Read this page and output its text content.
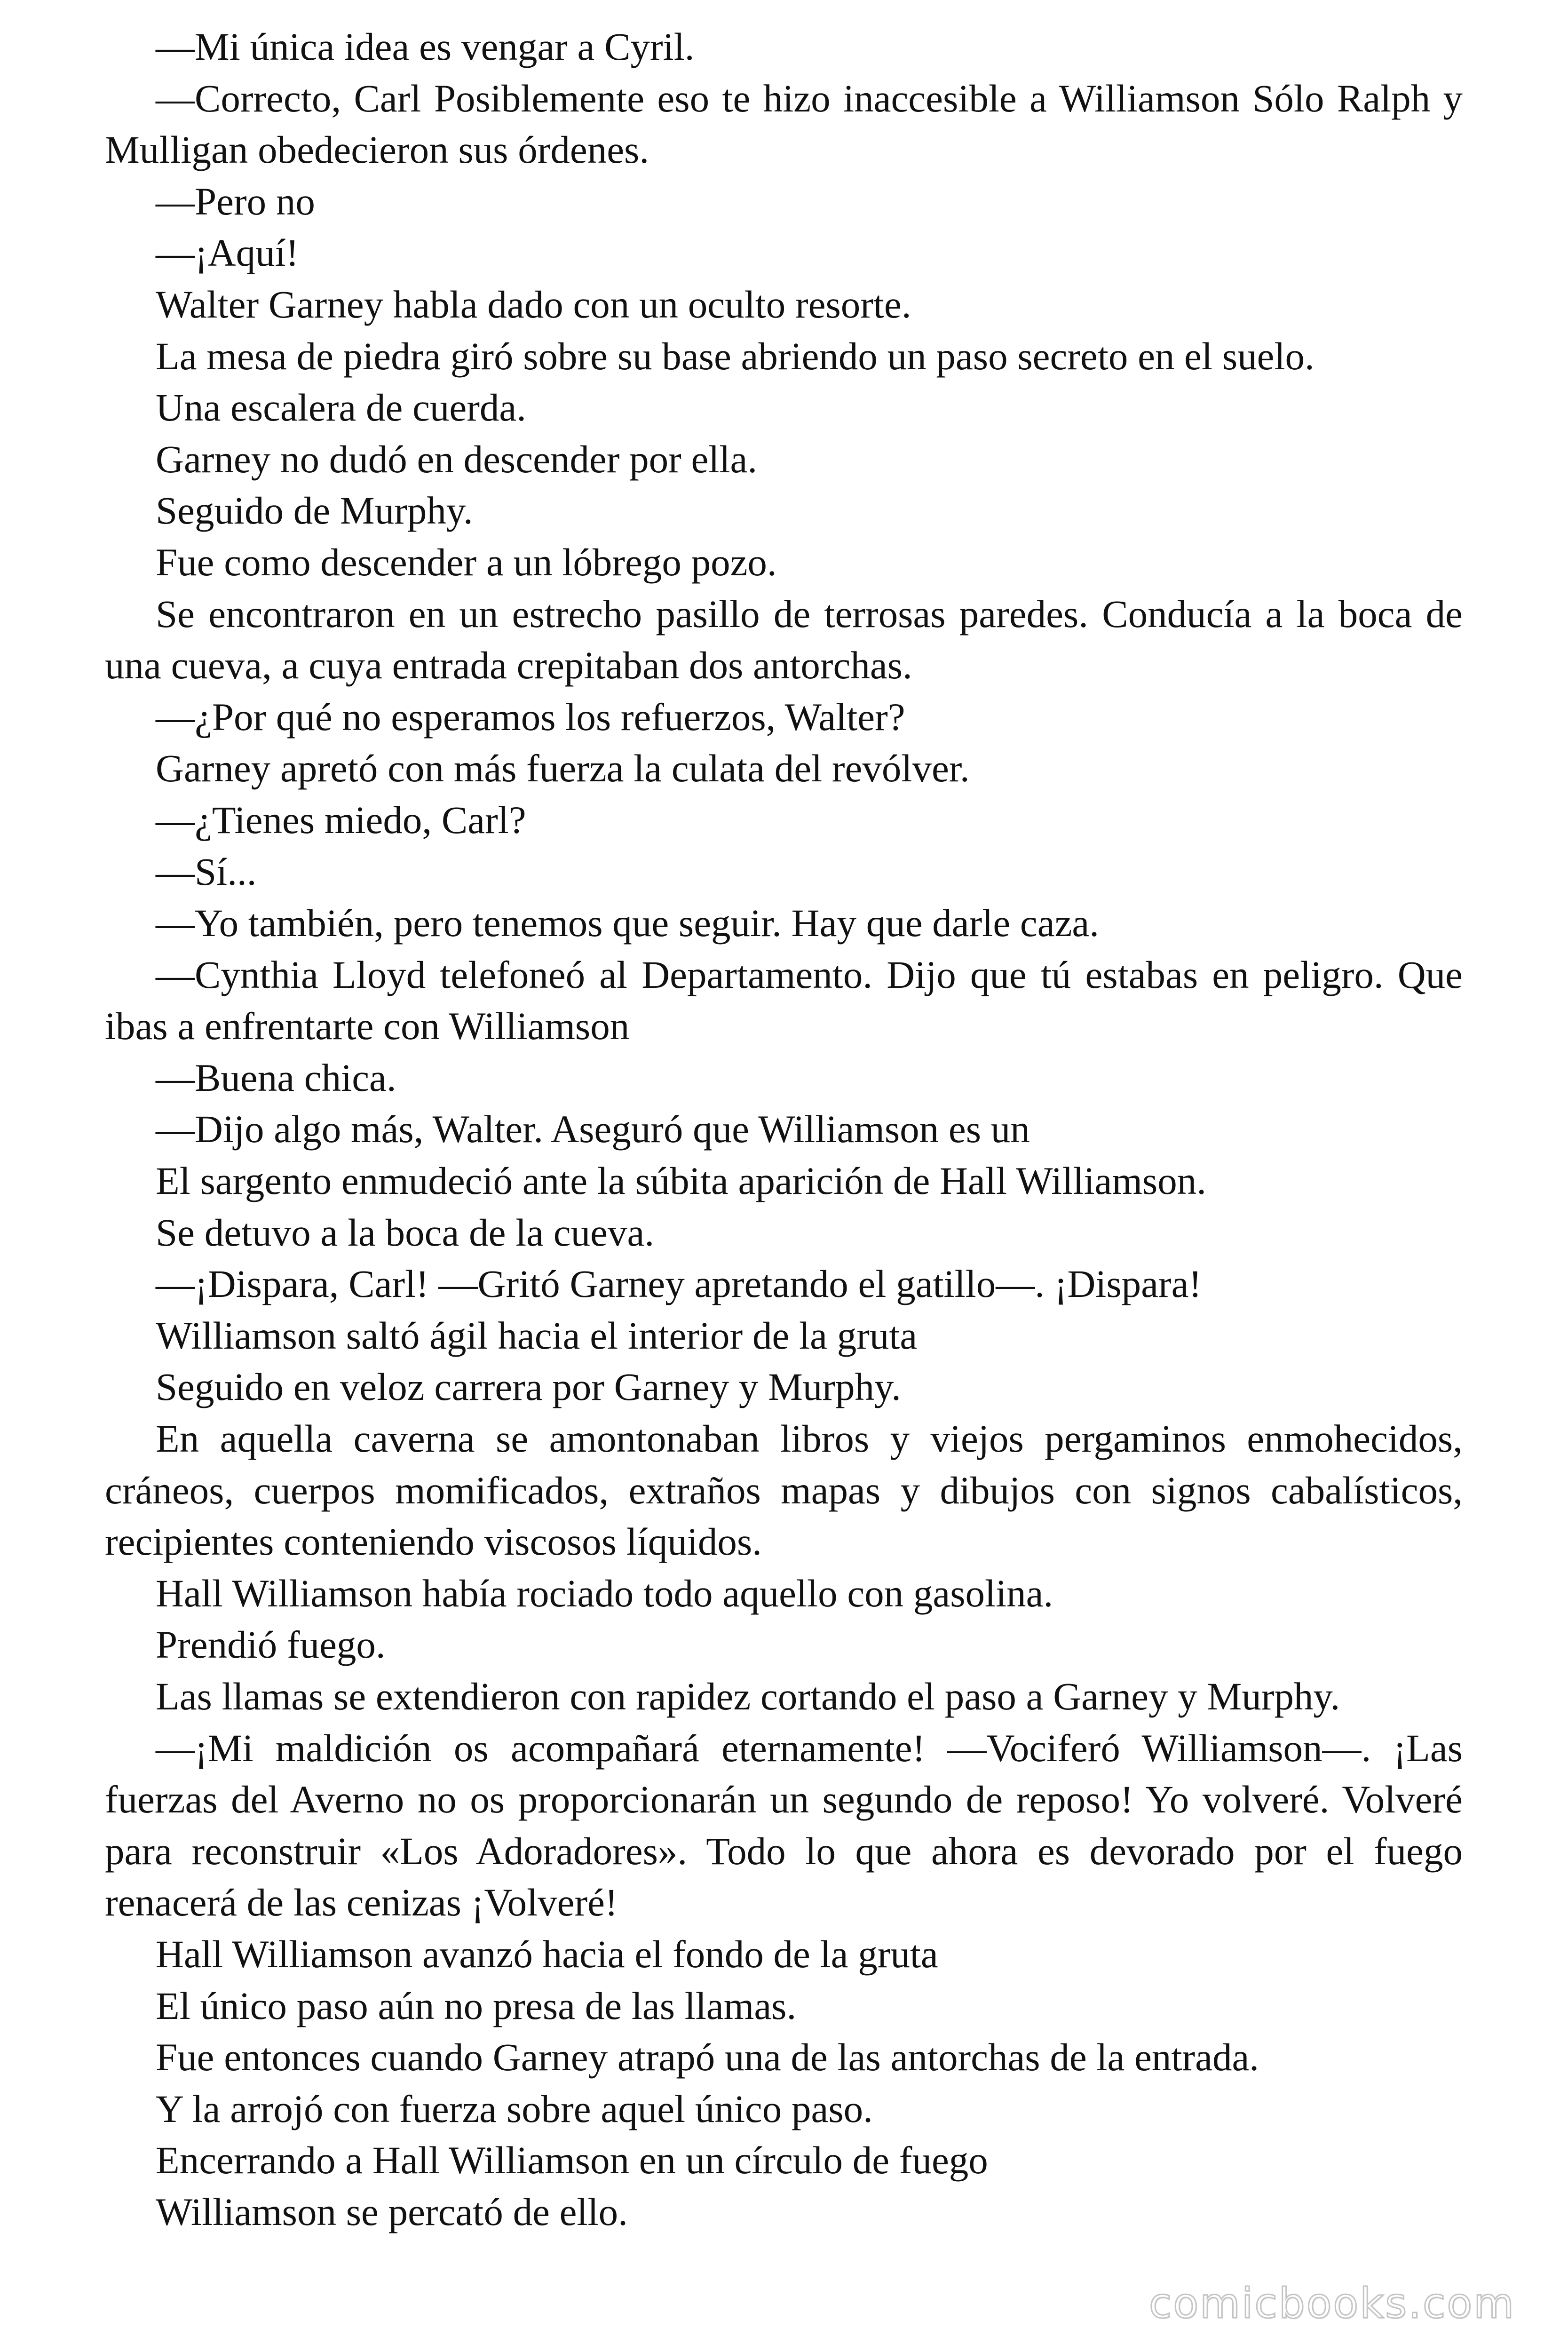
—Mi única idea es vengar a Cyril.

—Correcto, Carl Posiblemente eso te hizo inaccesible a Williamson Sólo Ralph y Mulligan obedecieron sus órdenes.

—Pero no

—¡Aquí!

Walter Garney habla dado con un oculto resorte.

La mesa de piedra giró sobre su base abriendo un paso secreto en el suelo.

Una escalera de cuerda.

Garney no dudó en descender por ella.

Seguido de Murphy.

Fue como descender a un lóbrego pozo.

Se encontraron en un estrecho pasillo de terrosas paredes. Conducía a la boca de una cueva, a cuya entrada crepitaban dos antorchas.

—¿Por qué no esperamos los refuerzos, Walter?

Garney apretó con más fuerza la culata del revólver.

—¿Tienes miedo, Carl?

—Sí...

—Yo también, pero tenemos que seguir. Hay que darle caza.

—Cynthia Lloyd telefoneó al Departamento. Dijo que tú estabas en peligro. Que ibas a enfrentarte con Williamson

—Buena chica.

—Dijo algo más, Walter. Aseguró que Williamson es un

El sargento enmudeció ante la súbita aparición de Hall Williamson.

Se detuvo a la boca de la cueva.

—¡Dispara, Carl! —Gritó Garney apretando el gatillo—. ¡Dispara!

Williamson saltó ágil hacia el interior de la gruta

Seguido en veloz carrera por Garney y Murphy.

En aquella caverna se amontonaban libros y viejos pergaminos enmohecidos, cráneos, cuerpos momificados, extraños mapas y dibujos con signos cabalísticos, recipientes conteniendo viscosos líquidos.

Hall Williamson había rociado todo aquello con gasolina.

Prendió fuego.

Las llamas se extendieron con rapidez cortando el paso a Garney y Murphy.

—¡Mi maldición os acompañará eternamente! —Vociferó Williamson—. ¡Las fuerzas del Averno no os proporcionarán un segundo de reposo! Yo volveré. Volveré para reconstruir «Los Adoradores». Todo lo que ahora es devorado por el fuego renacerá de las cenizas ¡Volveré!

Hall Williamson avanzó hacia el fondo de la gruta

El único paso aún no presa de las llamas.

Fue entonces cuando Garney atrapó una de las antorchas de la entrada.

Y la arrojó con fuerza sobre aquel único paso.

Encerrando a Hall Williamson en un círculo de fuego

Williamson se percató de ello.

comicbooks.com
